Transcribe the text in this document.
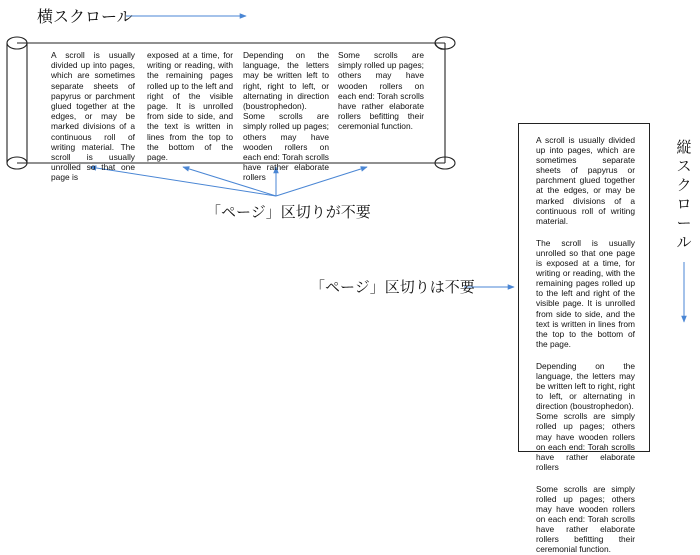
横スクロール
縦
ス
ク
ロ
ー
ル
「ページ」区切りが不要
「ページ」区切りは不要

A scroll is usually divided up into pages, which are sometimes separate sheets of papyrus or parchment glued together at the edges, or may be marked divisions of a continuous roll of writing material. The scroll is usually unrolled so that one page is

exposed at a time, for writing or reading, with the remaining pages rolled up to the left and right of the visible page. It is unrolled from side to side, and the text is written in lines from the top to the bottom of the page.

Depending on the language, the letters may be written left to right, right to left, or alternating in direction (boustrophedon).

Some scrolls are simply rolled up pages; others may have wooden rollers on each end: Torah scrolls have rather elaborate rollers

Some scrolls are simply rolled up pages; others may have wooden rollers on each end: Torah scrolls have rather elaborate rollers befitting their ceremonial function.

A scroll is usually divided up into pages, which are sometimes separate sheets of papyrus or parchment glued together at the edges, or may be marked divisions of a continuous roll of writing material.

The scroll is usually unrolled so that one page is exposed at a time, for writing or reading, with the remaining pages rolled up to the left and right of the visible page. It is unrolled from side to side, and the text is written in lines from the top to the bottom of the page.

Depending on the language, the letters may be written left to right, right to left, or alternating in direction (boustrophedon).

Some scrolls are simply rolled up pages; others may have wooden rollers on each end: Torah scrolls have rather elaborate rollers

Some scrolls are simply rolled up pages; others may have wooden rollers on each end: Torah scrolls have rather elaborate rollers befitting their ceremonial function.
